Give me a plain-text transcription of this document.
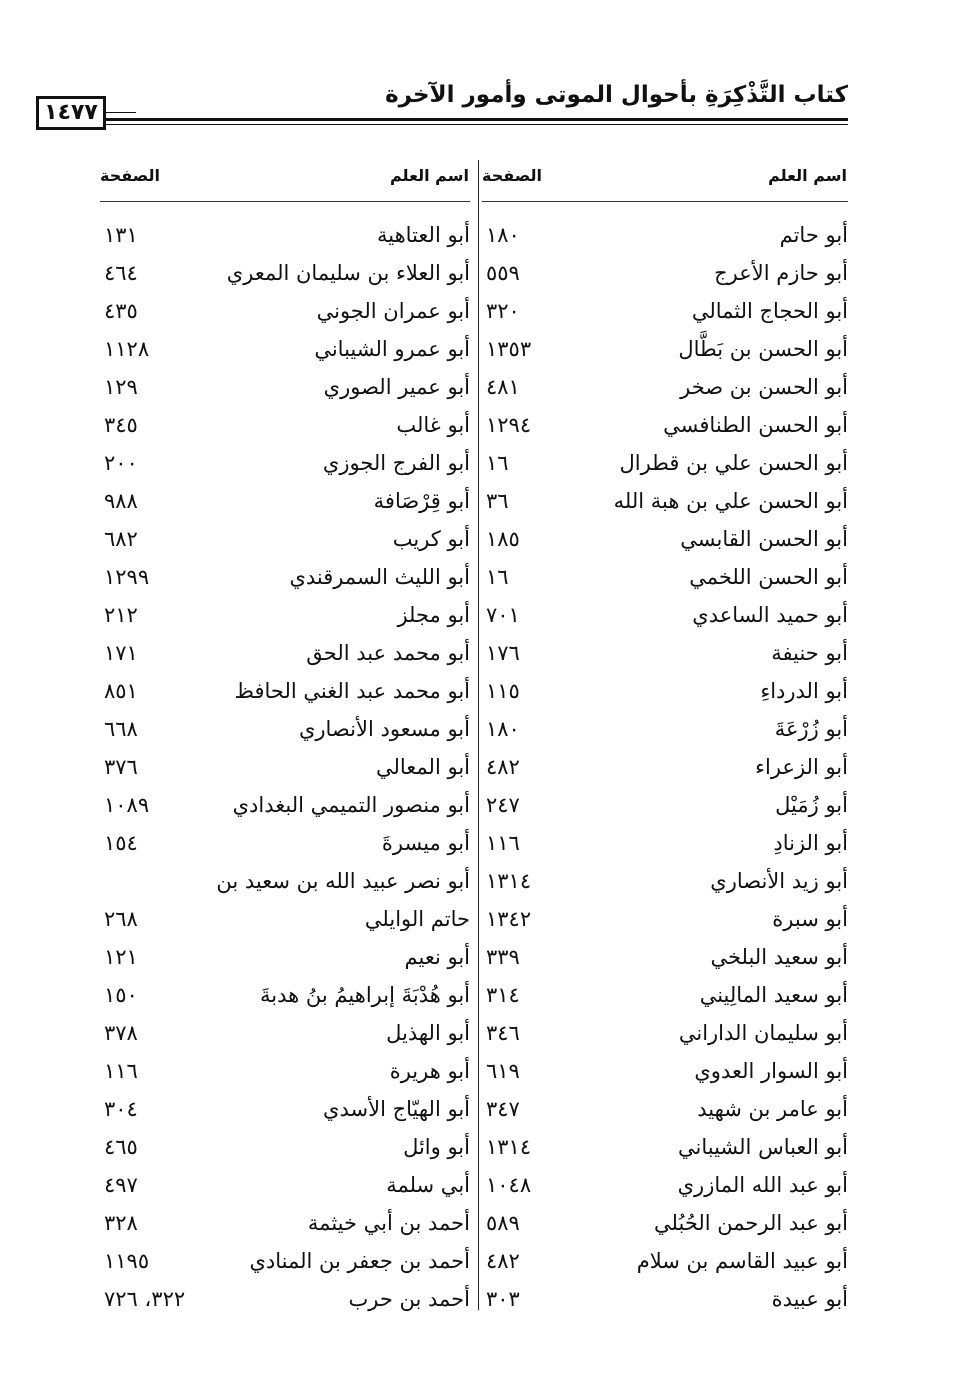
كتاب التَّذْكِرَةِ بأحوال الموتى وأمور الآخرة
١٤٧٧
اسم العلم
الصفحة
اسم العلم
الصفحة
أبو حاتم
١٨٠
أبو حازم الأعرج
٥٥٩
أبو الحجاج الثمالي
٣٢٠
أبو الحسن بن بَطَّال
١٣٥٣
أبو الحسن بن صخر
٤٨١
أبو الحسن الطنافسي
١٢٩٤
أبو الحسن علي بن قطرال
١٦
أبو الحسن علي بن هبة الله
٣٦
أبو الحسن القابسي
١٨٥
أبو الحسن اللخمي
١٦
أبو حميد الساعدي
٧٠١
أبو حنيفة
١٧٦
أبو الدرداءِ
١١٥
أبو زُرْعَةَ
١٨٠
أبو الزعراء
٤٨٢
أبو زُمَيْل
٢٤٧
أبو الزنادِ
١١٦
أبو زيد الأنصاري
١٣١٤
أبو سبرة
١٣٤٢
أبو سعيد البلخي
٣٣٩
أبو سعيد المالِيني
٣١٤
أبو سليمان الداراني
٣٤٦
أبو السوار العدوي
٦١٩
أبو عامر بن شهيد
٣٤٧
أبو العباس الشيباني
١٣١٤
أبو عبد الله المازري
١٠٤٨
أبو عبد الرحمن الحُبُلي
٥٨٩
أبو عبيد القاسم بن سلام
٤٨٢
أبو عبيدة
٣٠٣
أبو العتاهية
١٣١
أبو العلاء بن سليمان المعري
٤٦٤
أبو عمران الجوني
٤٣٥
أبو عمرو الشيباني
١١٢٨
أبو عمير الصوري
١٢٩
أبو غالب
٣٤٥
أبو الفرج الجوزي
٢٠٠
أبو قِرْصَافة
٩٨٨
أبو كريب
٦٨٢
أبو الليث السمرقندي
١٢٩٩
أبو مجلز
٢١٢
أبو محمد عبد الحق
١٧١
أبو محمد عبد الغني الحافظ
٨٥١
أبو مسعود الأنصاري
٦٦٨
أبو المعالي
٣٧٦
أبو منصور التميمي البغدادي
١٠٨٩
أبو ميسرةَ
١٥٤
أبو نصر عبيد الله بن سعيد بن
حاتم الوايلي
٢٦٨
أبو نعيم
١٢١
أبو هُدْبَةَ إبراهيمُ بنُ هدبةَ
١٥٠
أبو الهذيل
٣٧٨
أبو هريرة
١١٦
أبو الهيّاج الأسدي
٣٠٤
أبو وائل
٤٦٥
أبي سلمة
٤٩٧
أحمد بن أبي خيثمة
٣٢٨
أحمد بن جعفر بن المنادي
١١٩٥
أحمد بن حرب
٣٢٢، ٧٢٦
